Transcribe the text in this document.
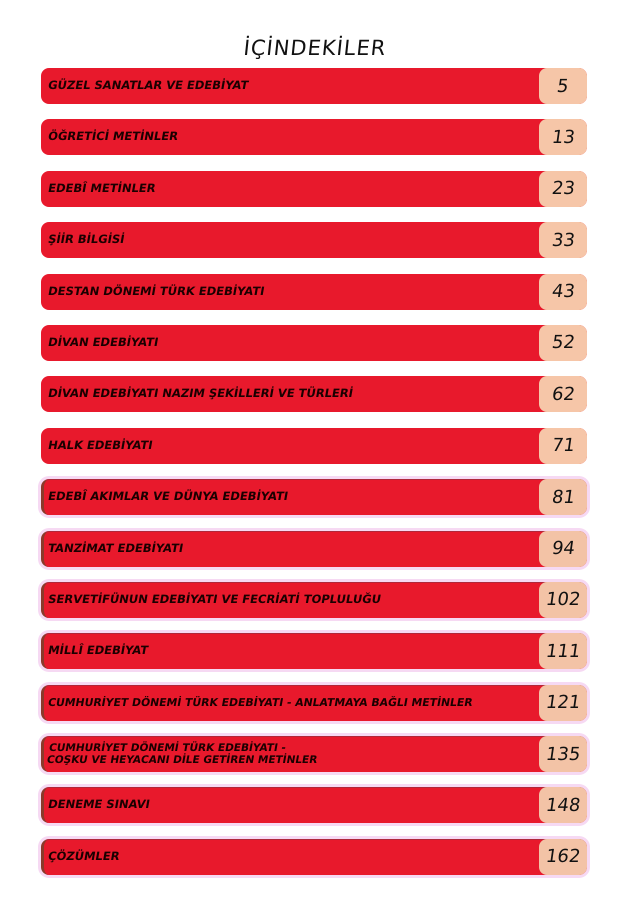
İÇİNDEKİLER
GÜZEL SANATLAR VE EDEBİYAT	5
ÖĞRETİCİ METİNLER	13
EDEBÎ METİNLER	23
ŞİİR BİLGİSİ	33
DESTAN DÖNEMİ TÜRK EDEBİYATI	43
DİVAN EDEBİYATI	52
DİVAN EDEBİYATI NAZIM ŞEKİLLERİ VE TÜRLERİ	62
HALK EDEBİYATI	71
EDEBÎ AKIMLAR VE DÜNYA EDEBİYATI	81
TANZİMAT EDEBİYATI	94
SERVETİFÜNUN EDEBİYATI VE FECRİATİ TOPLULUĞU	102
MİLLÎ EDEBİYAT	111
CUMHURİYET DÖNEMİ TÜRK EDEBİYATI - ANLATMAYA BAĞLI METİNLER	121
CUMHURİYET DÖNEMİ TÜRK EDEBİYATI -
COŞKU VE HEYACANI DİLE GETİREN METİNLER	135
DENEME SINAVI	148
ÇÖZÜMLER	162
